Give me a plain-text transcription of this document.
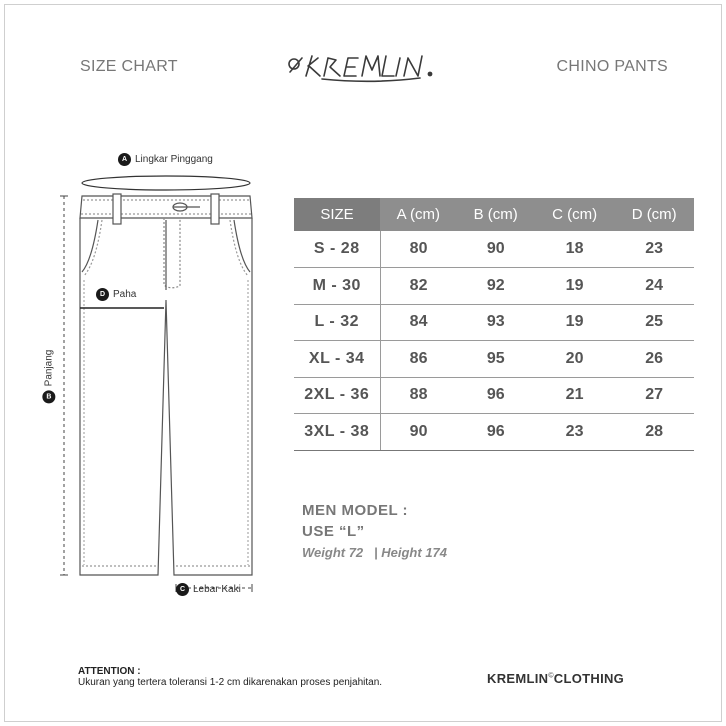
SIZE CHART	CHINO PANTS
A Lingkar Pinggang
D Paha
C Lebar Kaki
B
Panjang
SIZE	A (cm)	B (cm)	C (cm)	D (cm)
S - 28	80	90	18	23
M - 30	82	92	19	24
L - 32	84	93	19	25
XL - 34	86	95	20	26
2XL - 36	88	96	21	27
3XL - 38	90	96	23	28
MEN MODEL :
USE “L”
Weight 72 | Height 174
ATTENTION :
Ukuran yang tertera toleransi 1-2 cm dikarenakan proses penjahitan.	KREMLIN©CLOTHING
